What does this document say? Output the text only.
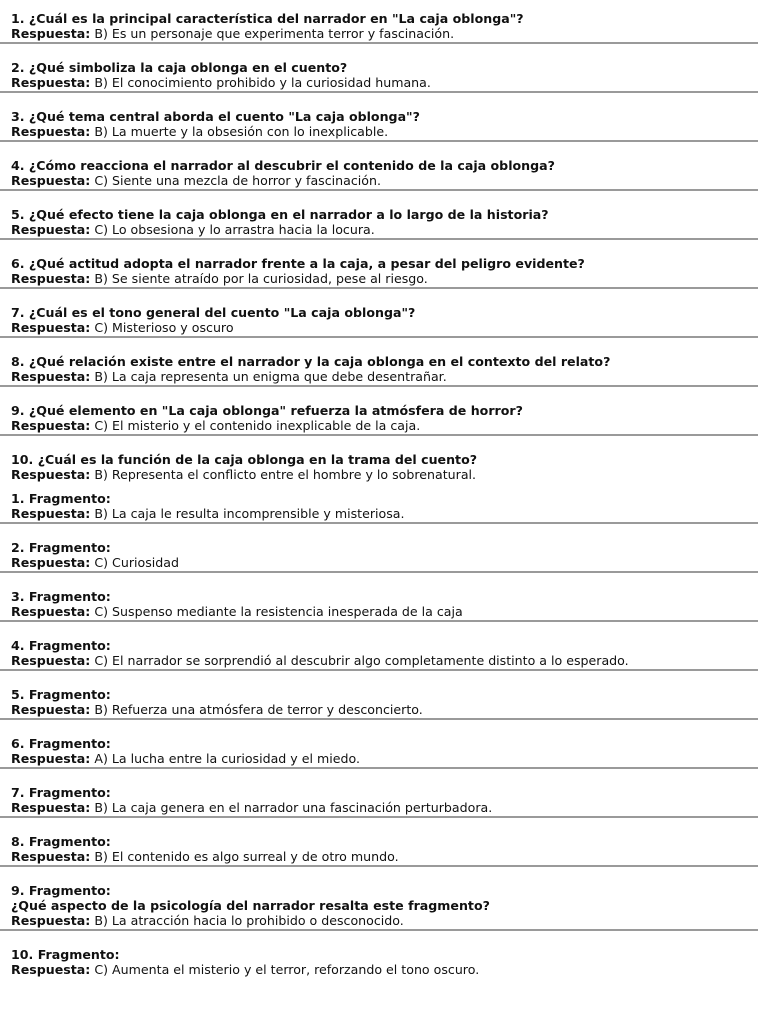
1. ¿Cuál es la principal característica del narrador en "La caja oblonga"?
Respuesta: B) Es un personaje que experimenta terror y fascinación.
2. ¿Qué simboliza la caja oblonga en el cuento?
Respuesta: B) El conocimiento prohibido y la curiosidad humana.
3. ¿Qué tema central aborda el cuento "La caja oblonga"?
Respuesta: B) La muerte y la obsesión con lo inexplicable.
4. ¿Cómo reacciona el narrador al descubrir el contenido de la caja oblonga?
Respuesta: C) Siente una mezcla de horror y fascinación.
5. ¿Qué efecto tiene la caja oblonga en el narrador a lo largo de la historia?
Respuesta: C) Lo obsesiona y lo arrastra hacia la locura.
6. ¿Qué actitud adopta el narrador frente a la caja, a pesar del peligro evidente?
Respuesta: B) Se siente atraído por la curiosidad, pese al riesgo.
7. ¿Cuál es el tono general del cuento "La caja oblonga"?
Respuesta: C) Misterioso y oscuro
8. ¿Qué relación existe entre el narrador y la caja oblonga en el contexto del relato?
Respuesta: B) La caja representa un enigma que debe desentrañar.
9. ¿Qué elemento en "La caja oblonga" refuerza la atmósfera de horror?
Respuesta: C) El misterio y el contenido inexplicable de la caja.
10. ¿Cuál es la función de la caja oblonga en la trama del cuento?
Respuesta: B) Representa el conflicto entre el hombre y lo sobrenatural.
1. Fragmento:
Respuesta: B) La caja le resulta incomprensible y misteriosa.
2. Fragmento:
Respuesta: C) Curiosidad
3. Fragmento:
Respuesta: C) Suspenso mediante la resistencia inesperada de la caja
4. Fragmento:
Respuesta: C) El narrador se sorprendió al descubrir algo completamente distinto a lo esperado.
5. Fragmento:
Respuesta: B) Refuerza una atmósfera de terror y desconcierto.
6. Fragmento:
Respuesta: A) La lucha entre la curiosidad y el miedo.
7. Fragmento:
Respuesta: B) La caja genera en el narrador una fascinación perturbadora.
8. Fragmento:
Respuesta: B) El contenido es algo surreal y de otro mundo.
9. Fragmento:
¿Qué aspecto de la psicología del narrador resalta este fragmento?
Respuesta: B) La atracción hacia lo prohibido o desconocido.
10. Fragmento:
Respuesta: C) Aumenta el misterio y el terror, reforzando el tono oscuro.
